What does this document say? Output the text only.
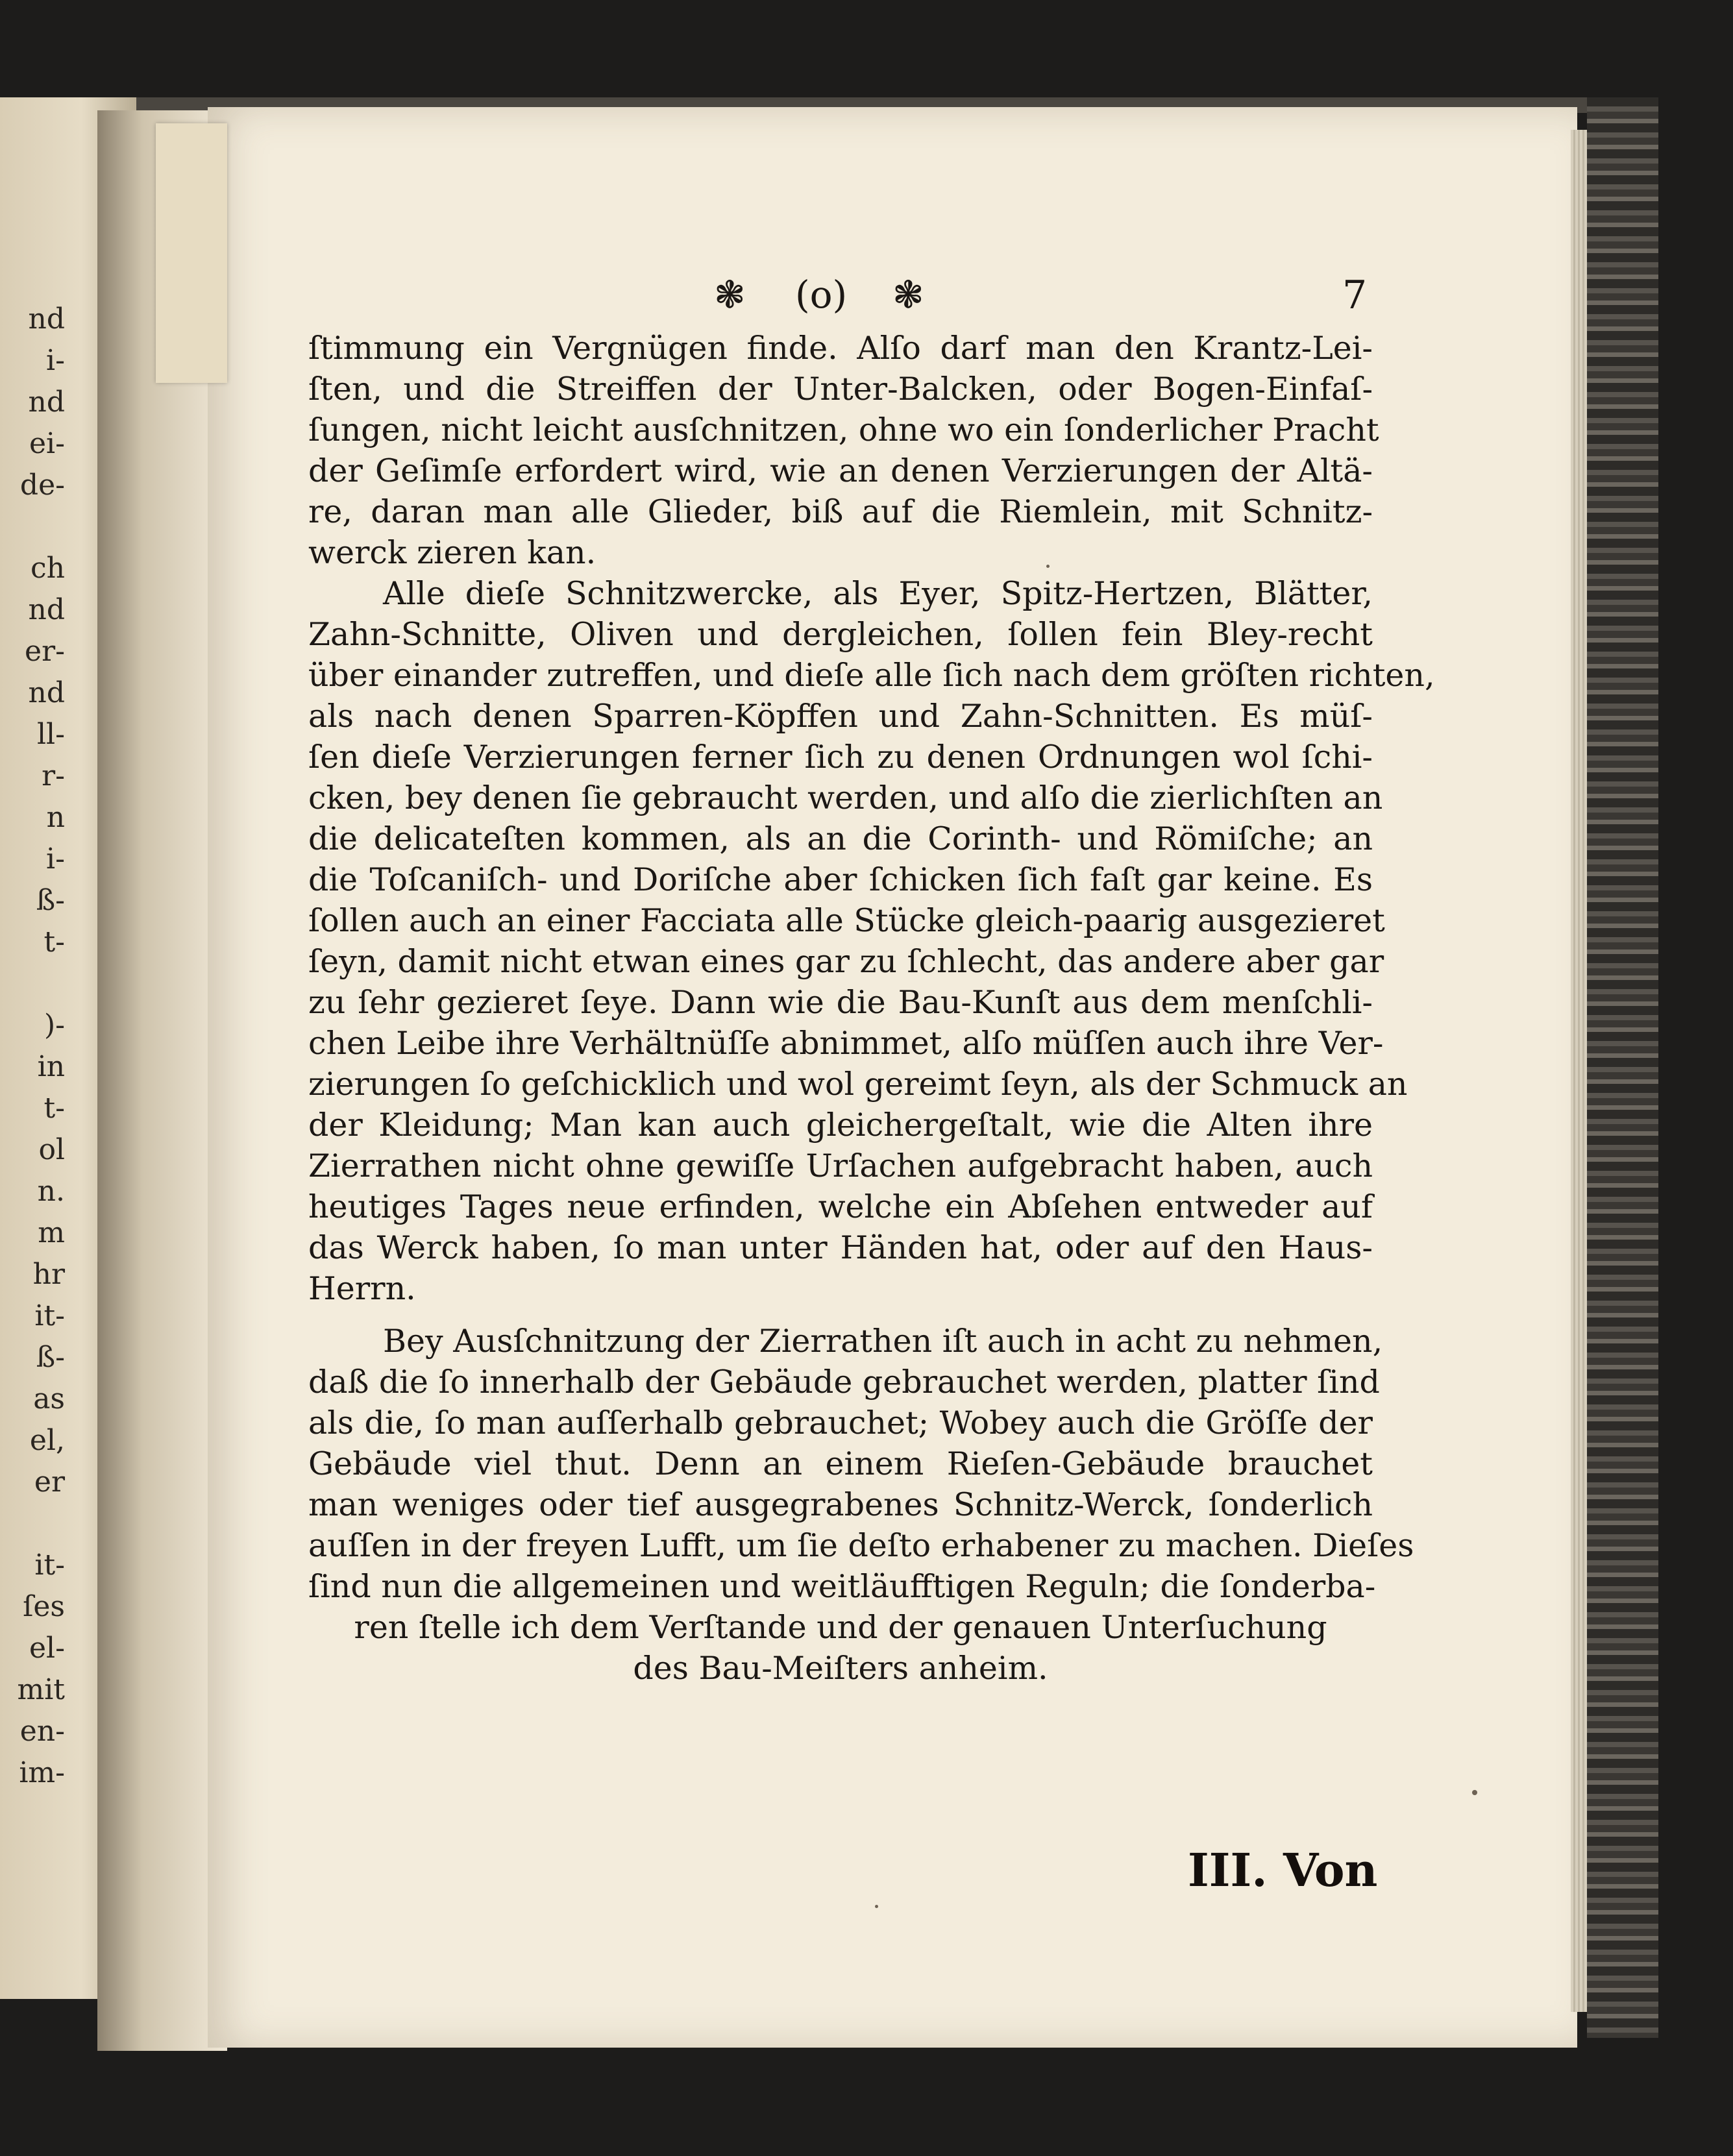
nd
i-
nd
ei-
de-

ch
nd
er-
nd
ll-
r-
n
i-
ß-
t-

)-
in
t-
ol
n.
m
hr
it-
ß-
as
el,
er

it-
ſes
el-
mit
en-
im-
❃ (o) ❃	7
ſtimmung ein Vergnügen finde. Alſo darf man den Krantz-Lei-
ſten, und die Streiffen der Unter-Balcken, oder Bogen-Einfaſ-
ſungen, nicht leicht ausſchnitzen, ohne wo ein ſonderlicher Pracht
der Geſimſe erfordert wird, wie an denen Verzierungen der Altä-
re, daran man alle Glieder, biß auf die Riemlein, mit Schnitz-
werck zieren kan.
Alle dieſe Schnitzwercke, als Eyer, Spitz-Hertzen, Blätter,
Zahn-Schnitte, Oliven und dergleichen, ſollen fein Bley-recht
über einander zutreffen, und dieſe alle ſich nach dem gröſten richten,
als nach denen Sparren-Köpffen und Zahn-Schnitten. Es müſ-
ſen dieſe Verzierungen ferner ſich zu denen Ordnungen wol ſchi-
cken, bey denen ſie gebraucht werden, und alſo die zierlichſten an
die delicateſten kommen, als an die Corinth- und Römiſche; an
die Toſcaniſch- und Doriſche aber ſchicken ſich faſt gar keine. Es
ſollen auch an einer Facciata alle Stücke gleich-paarig ausgezieret
ſeyn, damit nicht etwan eines gar zu ſchlecht, das andere aber gar
zu ſehr gezieret ſeye. Dann wie die Bau-Kunſt aus dem menſchli-
chen Leibe ihre Verhältnüſſe abnimmet, alſo müſſen auch ihre Ver-
zierungen ſo geſchicklich und wol gereimt ſeyn, als der Schmuck an
der Kleidung; Man kan auch gleichergeſtalt, wie die Alten ihre
Zierrathen nicht ohne gewiſſe Urſachen aufgebracht haben, auch
heutiges Tages neue erfinden, welche ein Abſehen entweder auf
das Werck haben, ſo man unter Händen hat, oder auf den Haus-
Herrn.
Bey Ausſchnitzung der Zierrathen iſt auch in acht zu nehmen,
daß die ſo innerhalb der Gebäude gebrauchet werden, platter ſind
als die, ſo man auſſerhalb gebrauchet; Wobey auch die Gröſſe der
Gebäude viel thut. Denn an einem Rieſen-Gebäude brauchet
man weniges oder tief ausgegrabenes Schnitz-Werck, ſonderlich
auſſen in der freyen Lufft, um ſie deſto erhabener zu machen. Dieſes
ſind nun die allgemeinen und weitläufftigen Reguln; die ſonderba-
ren ſtelle ich dem Verſtande und der genauen Unterſuchung
des Bau-Meiſters anheim.
III. Von
